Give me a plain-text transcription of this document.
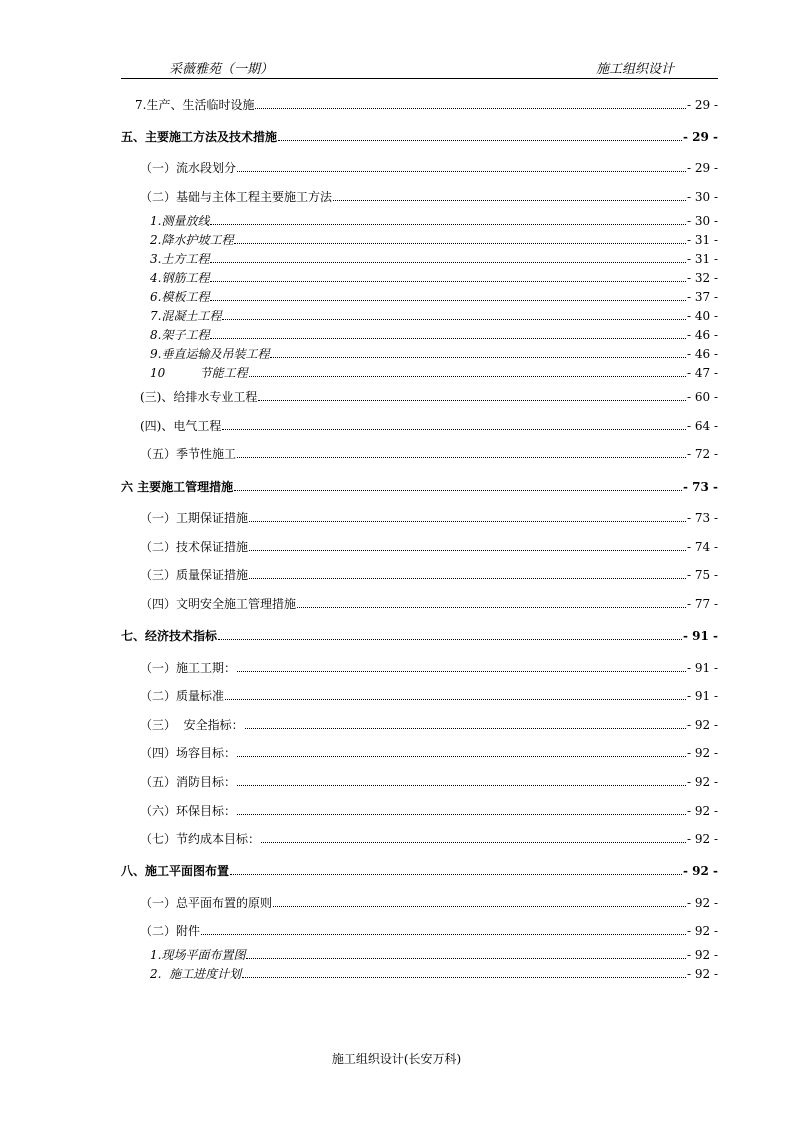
采薇雅苑（一期）	施工组织设计
7.生产、生活临时设施	- 29 -
五、主要施工方法及技术措施	- 29 -
（一）流水段划分	- 29 -
（二）基础与主体工程主要施工方法	- 30 -
1.测量放线	- 30 -
2.降水护坡工程	- 31 -
3.土方工程	- 31 -
4.钢筋工程	- 32 -
6.模板工程	- 37 -
7.混凝土工程	- 40 -
8.架子工程	- 46 -
9.垂直运输及吊装工程	- 46 -
10         节能工程	- 47 -
(三)、给排水专业工程	- 60 -
(四)、电气工程	- 64 -
（五）季节性施工	- 72 -
六 主要施工管理措施	- 73 -
（一）工期保证措施	- 73 -
（二）技术保证措施	- 74 -
（三）质量保证措施	- 75 -
（四）文明安全施工管理措施	- 77 -
七、经济技术指标	- 91 -
（一）施工工期：	- 91 -
（二）质量标准	- 91 -
（三）  安全指标：	- 92 -
（四）场容目标：	- 92 -
（五）消防目标：	- 92 -
（六）环保目标：	- 92 -
（七）节约成本目标：	- 92 -
八、施工平面图布置	- 92 -
（一）总平面布置的原则	- 92 -
（二）附件	- 92 -
1.现场平面布置图	- 92 -
2.  施工进度计划	- 92 -
施工组织设计(长安万科)
